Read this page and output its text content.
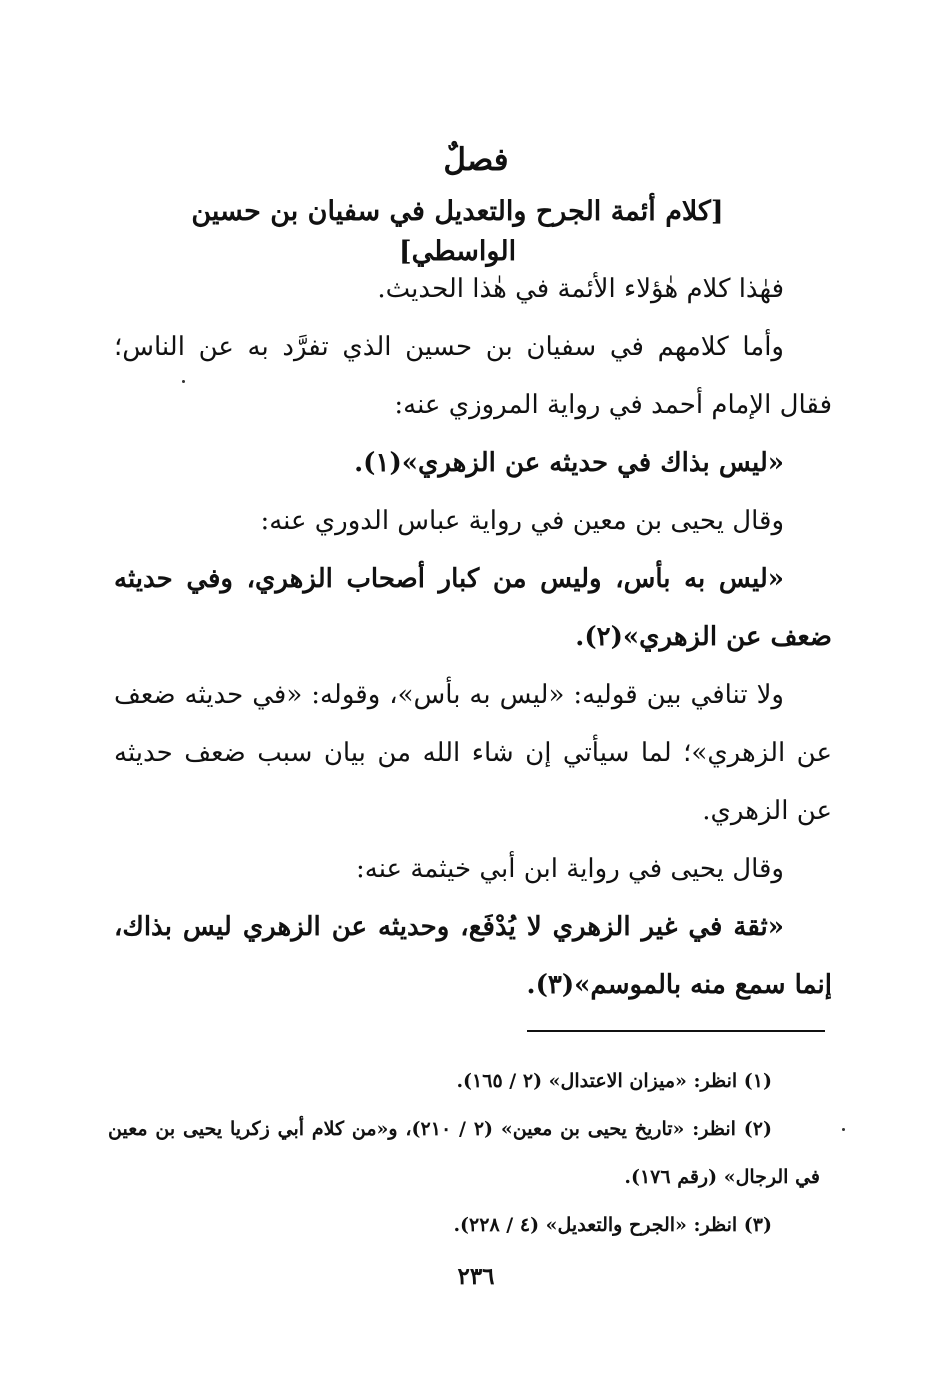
فصلٌ
[كلام أئمة الجرح والتعديل في سفيان بن حسين الواسطي]

فهٰذا كلام هٰؤلاء الأئمة في هٰذا الحديث.

وأما كلامهم في سفيان بن حسين الذي تفرَّد به عن الناس؛ فقال الإمام أحمد في رواية المروزي عنه:

«ليس بذاك في حديثه عن الزهري»(١).

وقال يحيى بن معين في رواية عباس الدوري عنه:

«ليس به بأس، وليس من كبار أصحاب الزهري، وفي حديثه ضعف عن الزهري»(٢).

ولا تنافي بين قوليه: «ليس به بأس»، وقوله: «في حديثه ضعف عن الزهري»؛ لما سيأتي إن شاء الله من بيان سبب ضعف حديثه عن الزهري.

وقال يحيى في رواية ابن أبي خيثمة عنه:

«ثقة في غير الزهري لا يُدْفَع، وحديثه عن الزهري ليس بذاك، إنما سمع منه بالموسم»(٣).

(١) انظر: «ميزان الاعتدال» (٢ / ١٦٥).

(٢) انظر: «تاريخ يحيى بن معين» (٢ / ٢١٠)، و«من كلام أبي زكريا يحيى بن معين في الرجال» (رقم ١٧٦).

(٣) انظر: «الجرح والتعديل» (٤ / ٢٢٨).

٢٣٦
